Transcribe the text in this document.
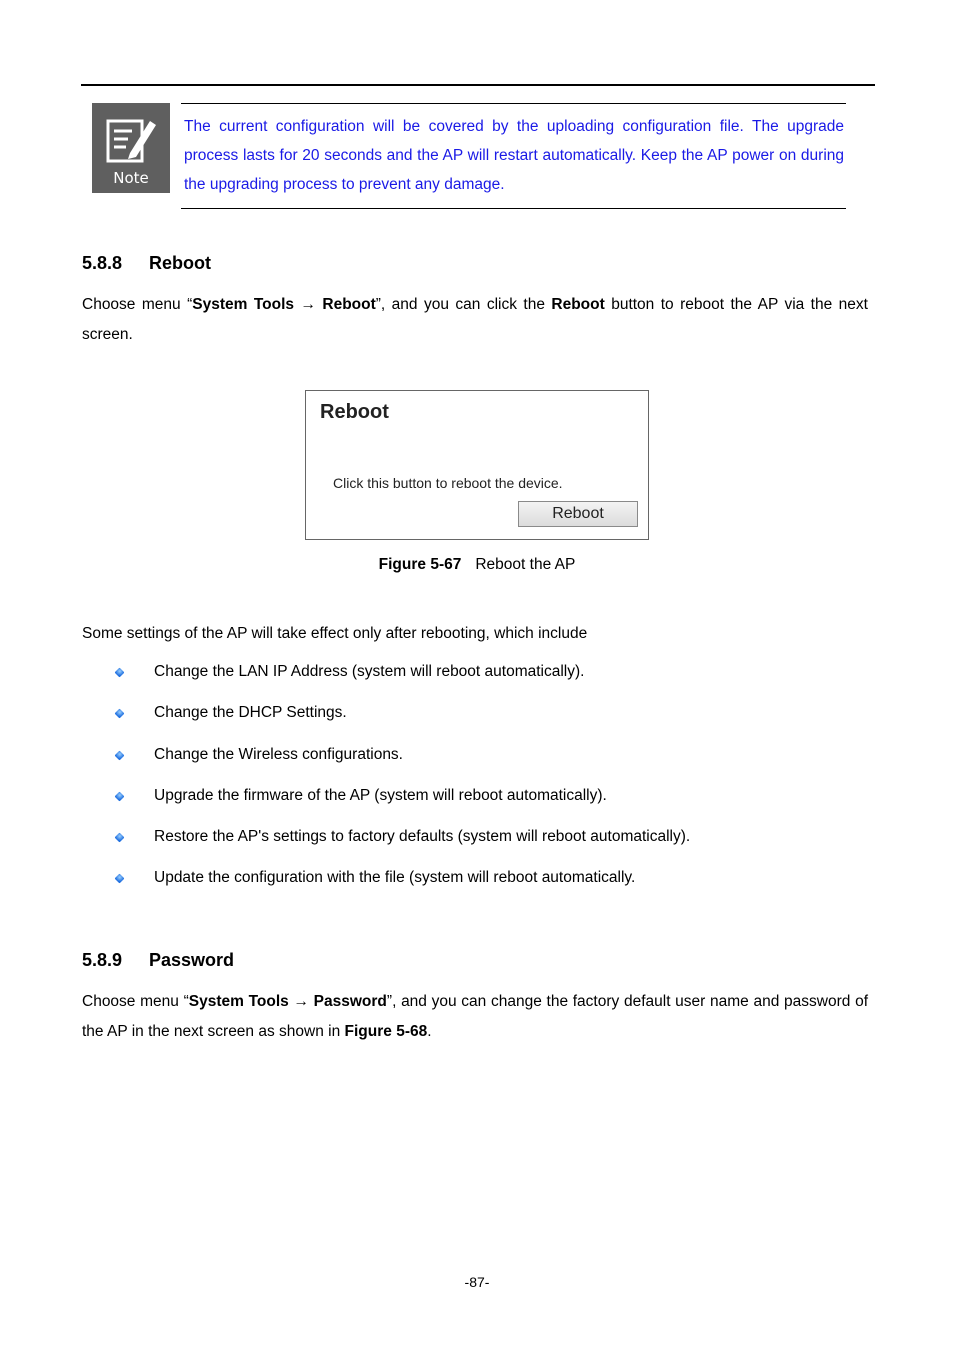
Note
The current configuration will be covered by the uploading configuration file. The upgrade process lasts for 20 seconds and the AP will restart automatically. Keep the AP power on during the upgrading process to prevent any damage.
5.8.8 Reboot
Choose menu “System Tools → Reboot”, and you can click the Reboot button to reboot the AP via the next screen.
Reboot
Click this button to reboot the device.
Reboot
Figure 5-67 Reboot the AP
Some settings of the AP will take effect only after rebooting, which include
Change the LAN IP Address (system will reboot automatically).
Change the DHCP Settings.
Change the Wireless configurations.
Upgrade the firmware of the AP (system will reboot automatically).
Restore the AP's settings to factory defaults (system will reboot automatically).
Update the configuration with the file (system will reboot automatically.
5.8.9 Password
Choose menu “System Tools → Password”, and you can change the factory default user name and password of the AP in the next screen as shown in Figure 5-68.
-87-
